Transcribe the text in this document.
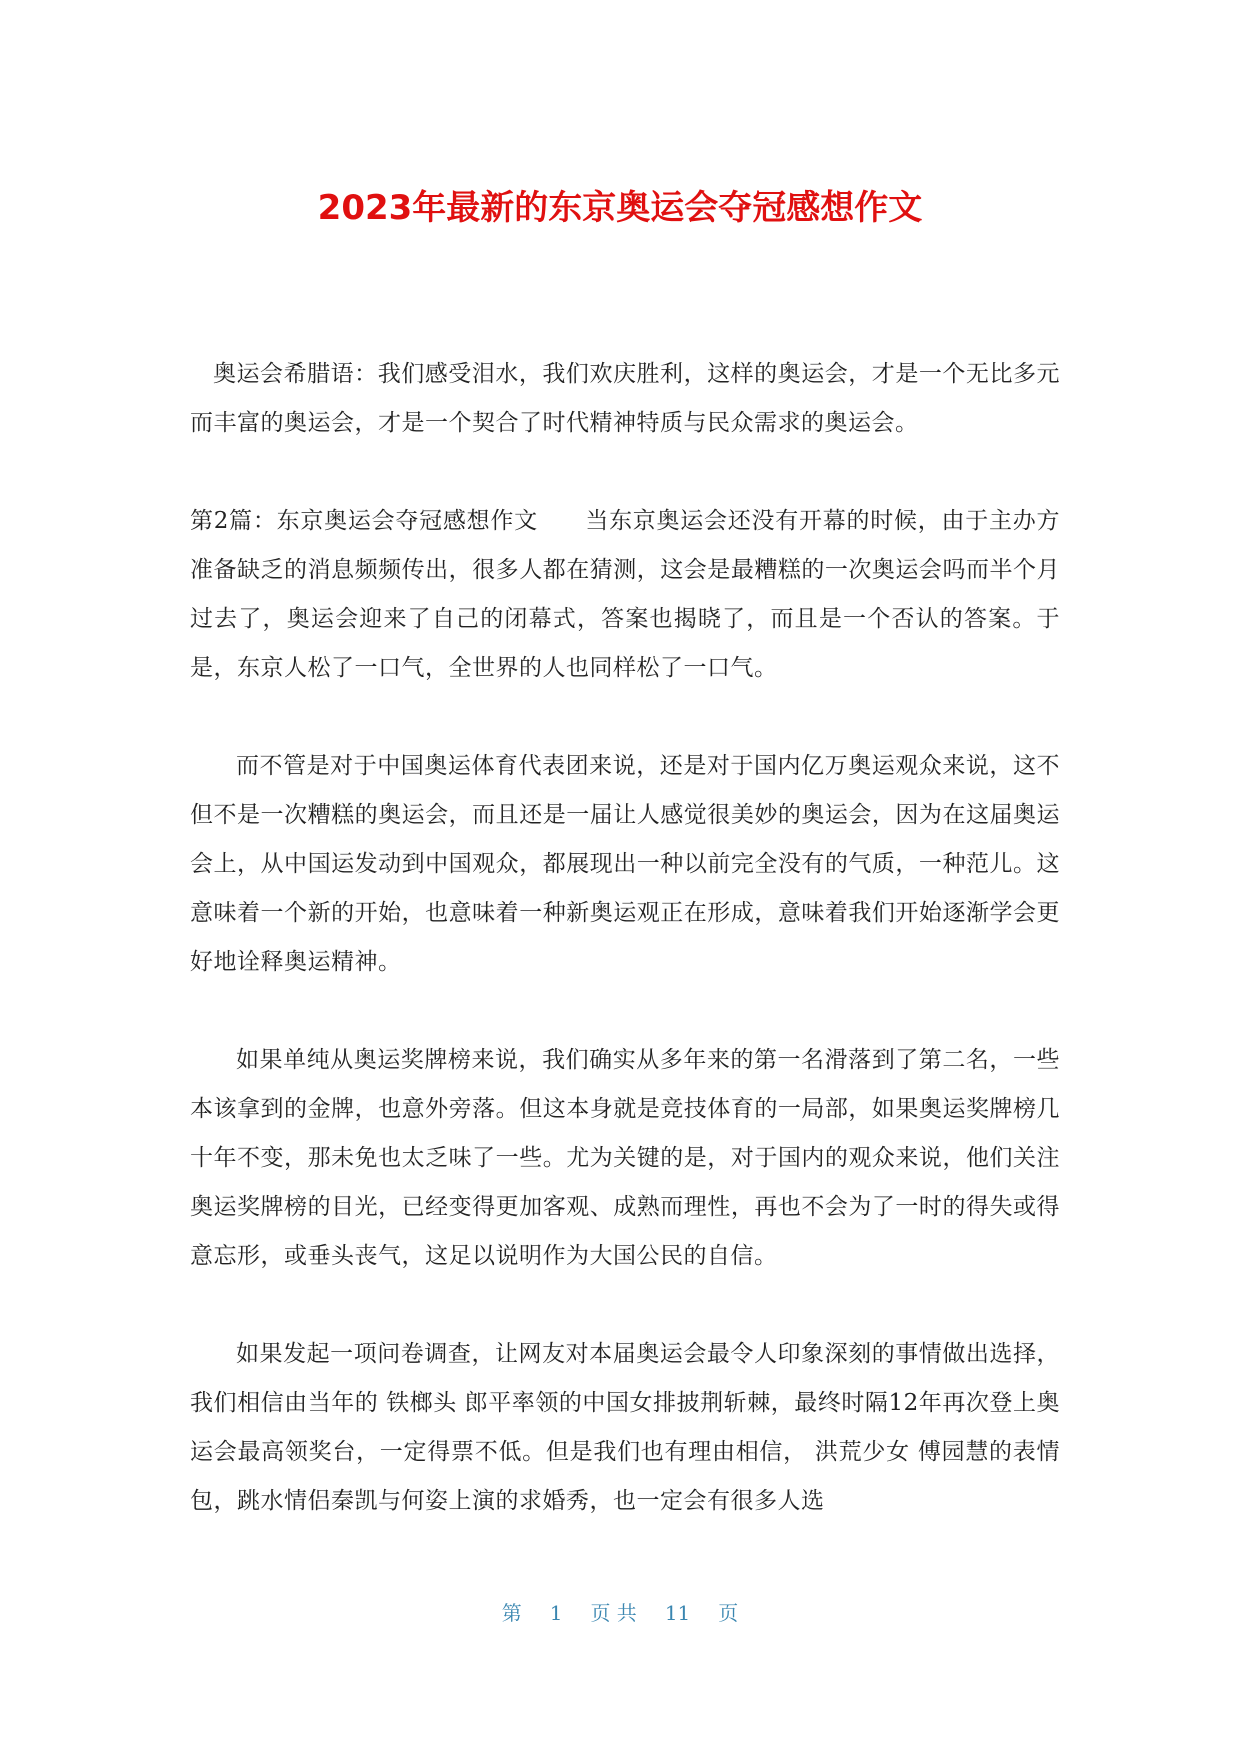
2023年最新的东京奥运会夺冠感想作文

奥运会希腊语：我们感受泪水，我们欢庆胜利，这样的奥运会，才是一个无比多元而丰富的奥运会，才是一个契合了时代精神特质与民众需求的奥运会。

第2篇：东京奥运会夺冠感想作文　　当东京奥运会还没有开幕的时候，由于主办方准备缺乏的消息频频传出，很多人都在猜测，这会是最糟糕的一次奥运会吗而半个月过去了，奥运会迎来了自己的闭幕式，答案也揭晓了，而且是一个否认的答案。于是，东京人松了一口气，全世界的人也同样松了一口气。

而不管是对于中国奥运体育代表团来说，还是对于国内亿万奥运观众来说，这不但不是一次糟糕的奥运会，而且还是一届让人感觉很美妙的奥运会，因为在这届奥运会上，从中国运发动到中国观众，都展现出一种以前完全没有的气质，一种范儿。这意味着一个新的开始，也意味着一种新奥运观正在形成，意味着我们开始逐渐学会更好地诠释奥运精神。

如果单纯从奥运奖牌榜来说，我们确实从多年来的第一名滑落到了第二名，一些本该拿到的金牌，也意外旁落。但这本身就是竞技体育的一局部，如果奥运奖牌榜几十年不变，那未免也太乏味了一些。尤为关键的是，对于国内的观众来说，他们关注奥运奖牌榜的目光，已经变得更加客观、成熟而理性，再也不会为了一时的得失或得意忘形，或垂头丧气，这足以说明作为大国公民的自信。

如果发起一项问卷调查，让网友对本届奥运会最令人印象深刻的事情做出选择，我们相信由当年的 铁榔头 郎平率领的中国女排披荆斩棘，最终时隔12年再次登上奥运会最高领奖台，一定得票不低。但是我们也有理由相信， 洪荒少女 傅园慧的表情包，跳水情侣秦凯与何姿上演的求婚秀，也一定会有很多人选

第 1 页 共 11 页
